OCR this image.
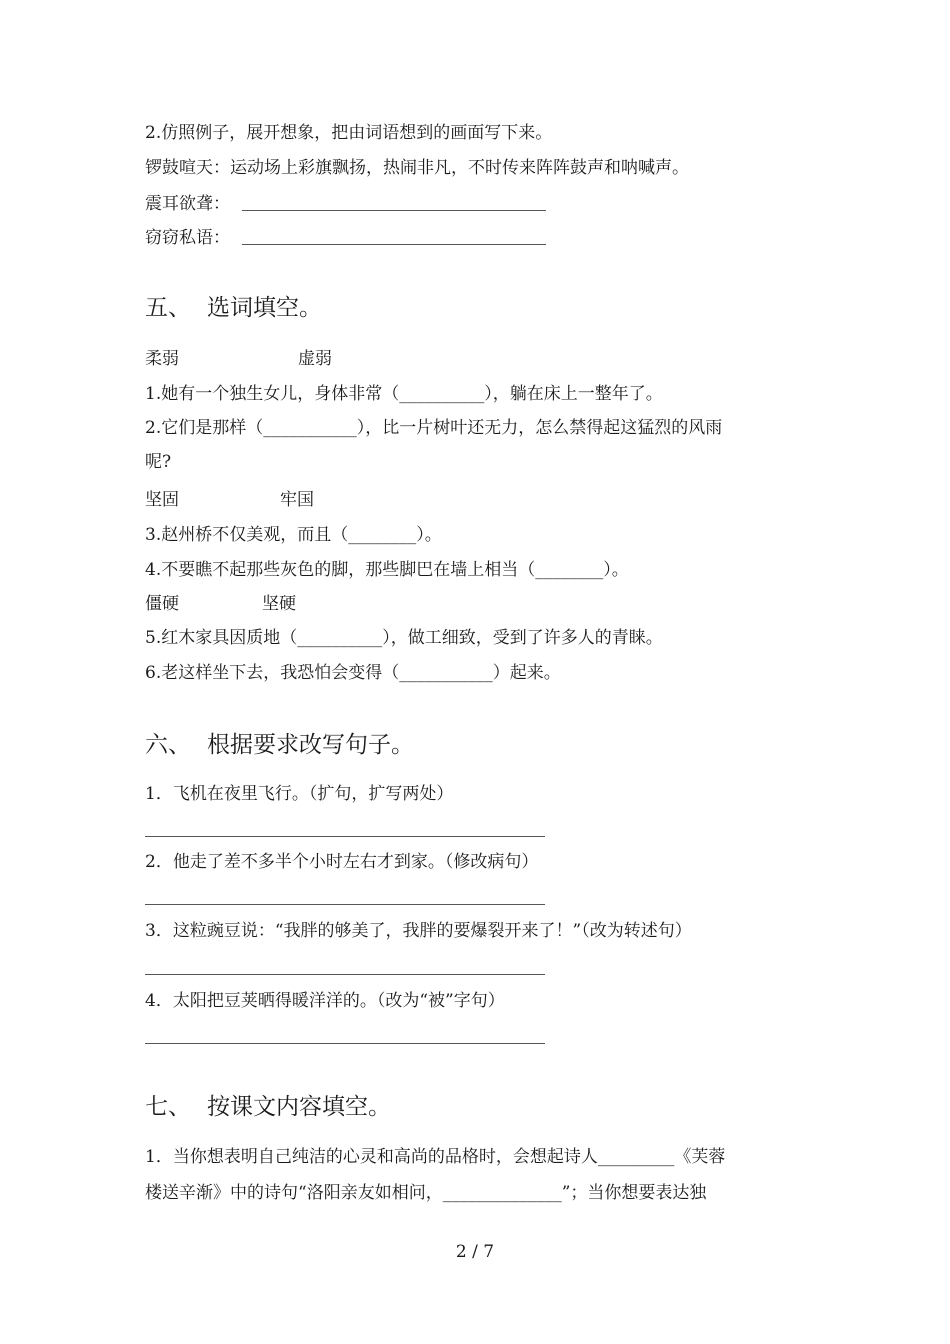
2.仿照例子，展开想象，把由词语想到的画面写下来。
锣鼓喧天：运动场上彩旗飘扬，热闹非凡，不时传来阵阵鼓声和呐喊声。
震耳欲聋：
窃窃私语：
五、 选词填空。
柔弱	虚弱
1.她有一个独生女儿，身体非常（__________），躺在床上一整年了。
2.它们是那样（___________），比一片树叶还无力，怎么禁得起这猛烈的风雨
呢?
坚固	牢国
3.赵州桥不仅美观，而且（________）。
4.不要瞧不起那些灰色的脚，那些脚巴在墙上相当（________）。
僵硬	坚硬
5.红木家具因质地（__________），做工细致，受到了许多人的青睐。
6.老这样坐下去，我恐怕会变得（___________）起来。
六、 根据要求改写句子。
1．飞机在夜里飞行。（扩句，扩写两处）
2．他走了差不多半个小时左右才到家。（修改病句）
3．这粒豌豆说：“我胖的够美了，我胖的要爆裂开来了！”（改为转述句）
4．太阳把豆荚晒得暖洋洋的。（改为“被”字句）
七、 按课文内容填空。
1．当你想表明自己纯洁的心灵和高尚的品格时，会想起诗人_________《芙蓉
楼送辛渐》中的诗句“洛阳亲友如相问，______________”；当你想要表达独
2 / 7
